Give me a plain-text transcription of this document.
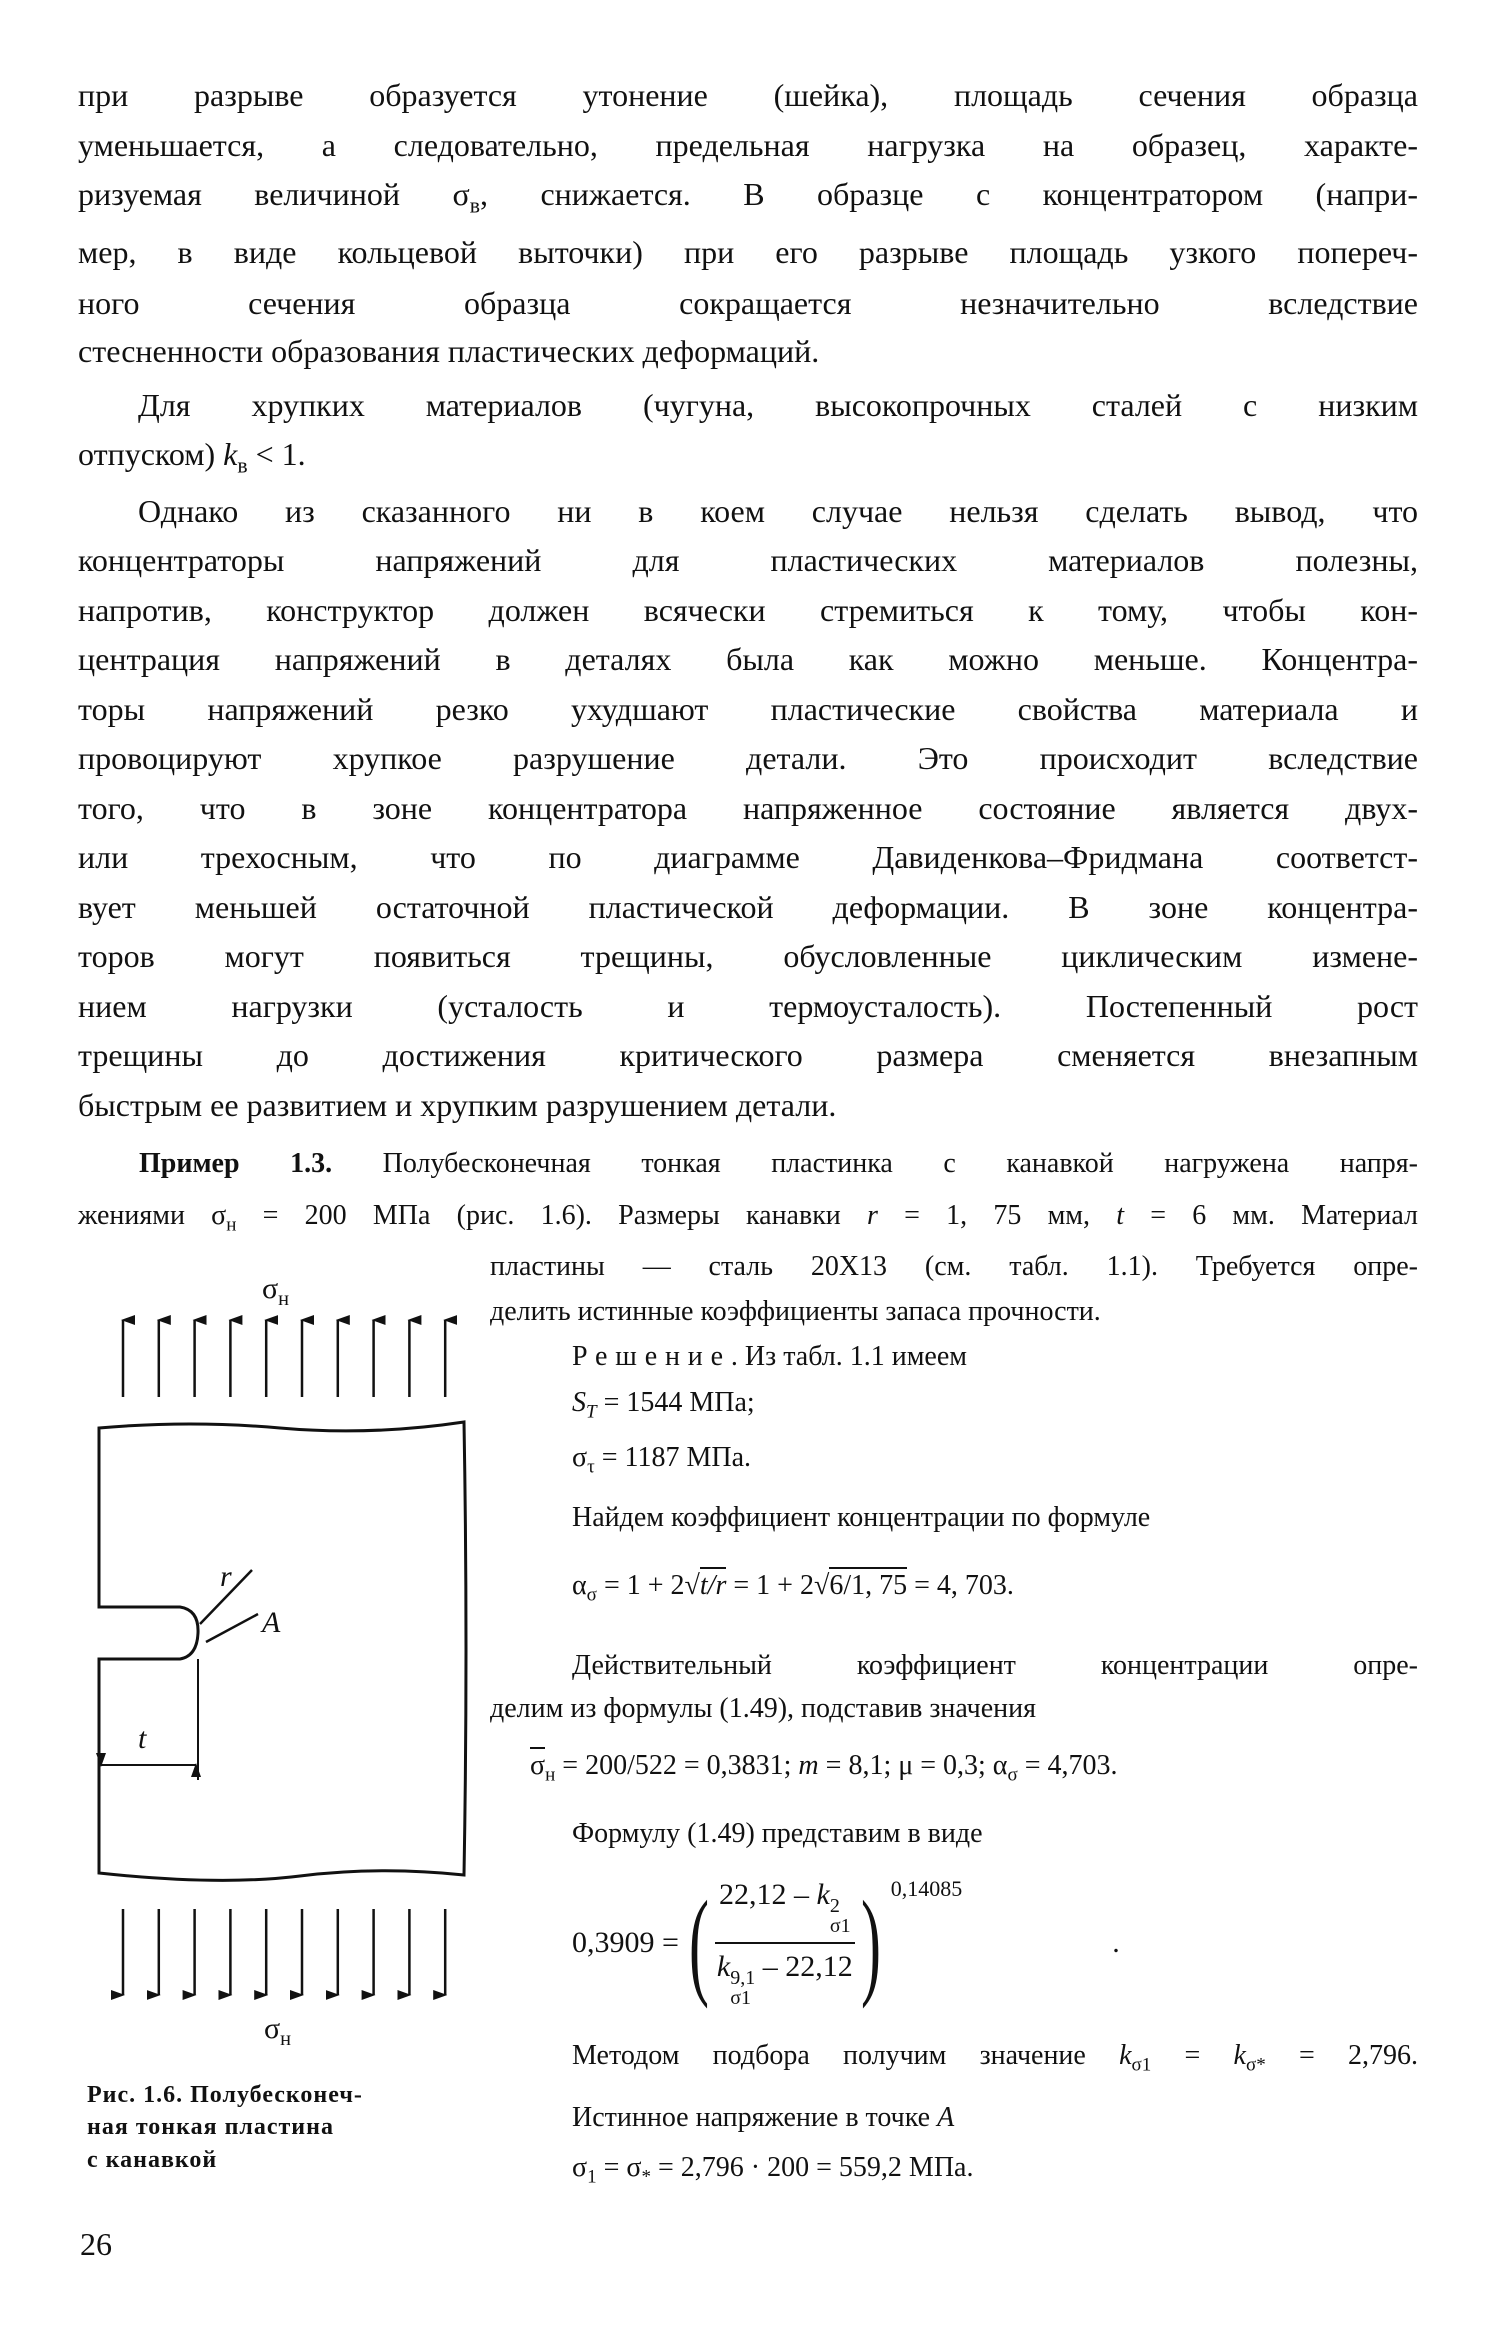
при разрыве образуется утонение (шейка), площадь сечения образца
уменьшается, а следовательно, предельная нагрузка на образец, характе-
ризуемая величиной $\sigma_в$, снижается. В образце с концентратором (напри-
мер, в виде кольцевой выточки) при его разрыве площадь узкого попереч-
ного сечения образца сокращается незначительно вследствие
стесненности образования пластических деформаций.
Для хрупких материалов (чугуна, высокопрочных сталей с низким
отпуском) $k_в < 1$.
Однако из сказанного ни в коем случае нельзя сделать вывод, что
концентраторы напряжений для пластических материалов полезны,
напротив, конструктор должен всячески стремиться к тому, чтобы кон-
центрация напряжений в деталях была как можно меньше. Концентра-
торы напряжений резко ухудшают пластические свойства материала и
провоцируют хрупкое разрушение детали. Это происходит вследствие
того, что в зоне концентратора напряженное состояние является двух-
или трехосным, что по диаграмме Давиденкова–Фридмана соответст-
вует меньшей остаточной пластической деформации. В зоне концентра-
торов могут появиться трещины, обусловленные циклическим измене-
нием нагрузки (усталость и термоусталость). Постепенный рост
трещины до достижения критического размера сменяется внезапным
быстрым ее развитием и хрупким разрушением детали.
Пример 1.3. Полубесконечная тонкая пластинка с канавкой нагружена напря-
жениями $\sigma_н = 200$ МПа (рис. 1.6). Размеры канавки r = 1, 75 мм, t = 6 мм. Материал
пластины — сталь 20Х13 (см. табл. 1.1). Требуется опре-
делить истинные коэффициенты запаса прочности.
Решение. Из табл. 1.1 имеем
$S_T = 1544$ МПа;
$\sigma_\tau = 1187$ МПа.
Найдем коэффициент концентрации по формуле
$\alpha_\sigma = 1 + 2√t/r = 1 + 2√6/1$, 75 = 4, 703.
Действительный коэффициент концентрации опре-
делим из формулы (1.49), подставив значения
$\sigma_н = 200/522 = 0,3831$; m = 8,1; μ = 0,3; $\alpha_\sigma = 4,703$.
Формулу (1.49) представим в виде
0,3909 = ( 22,12 – k 2
σ1
k 9,1
σ1
– 22,12 ) 0,14085
.
Методом подбора получим значение $k_{\sigma 1} = k_{\sigma*} = 2,796$.
Истинное напряжение в точке A
$\sigma_1 = \sigma_* = 2,796 \cdot 200 = 559,2$ МПа.
$\sigma_н$
r
A
t
$\sigma_н$
Рис. 1.6. Полубесконеч-
ная тонкая пластина
с канавкой
26
